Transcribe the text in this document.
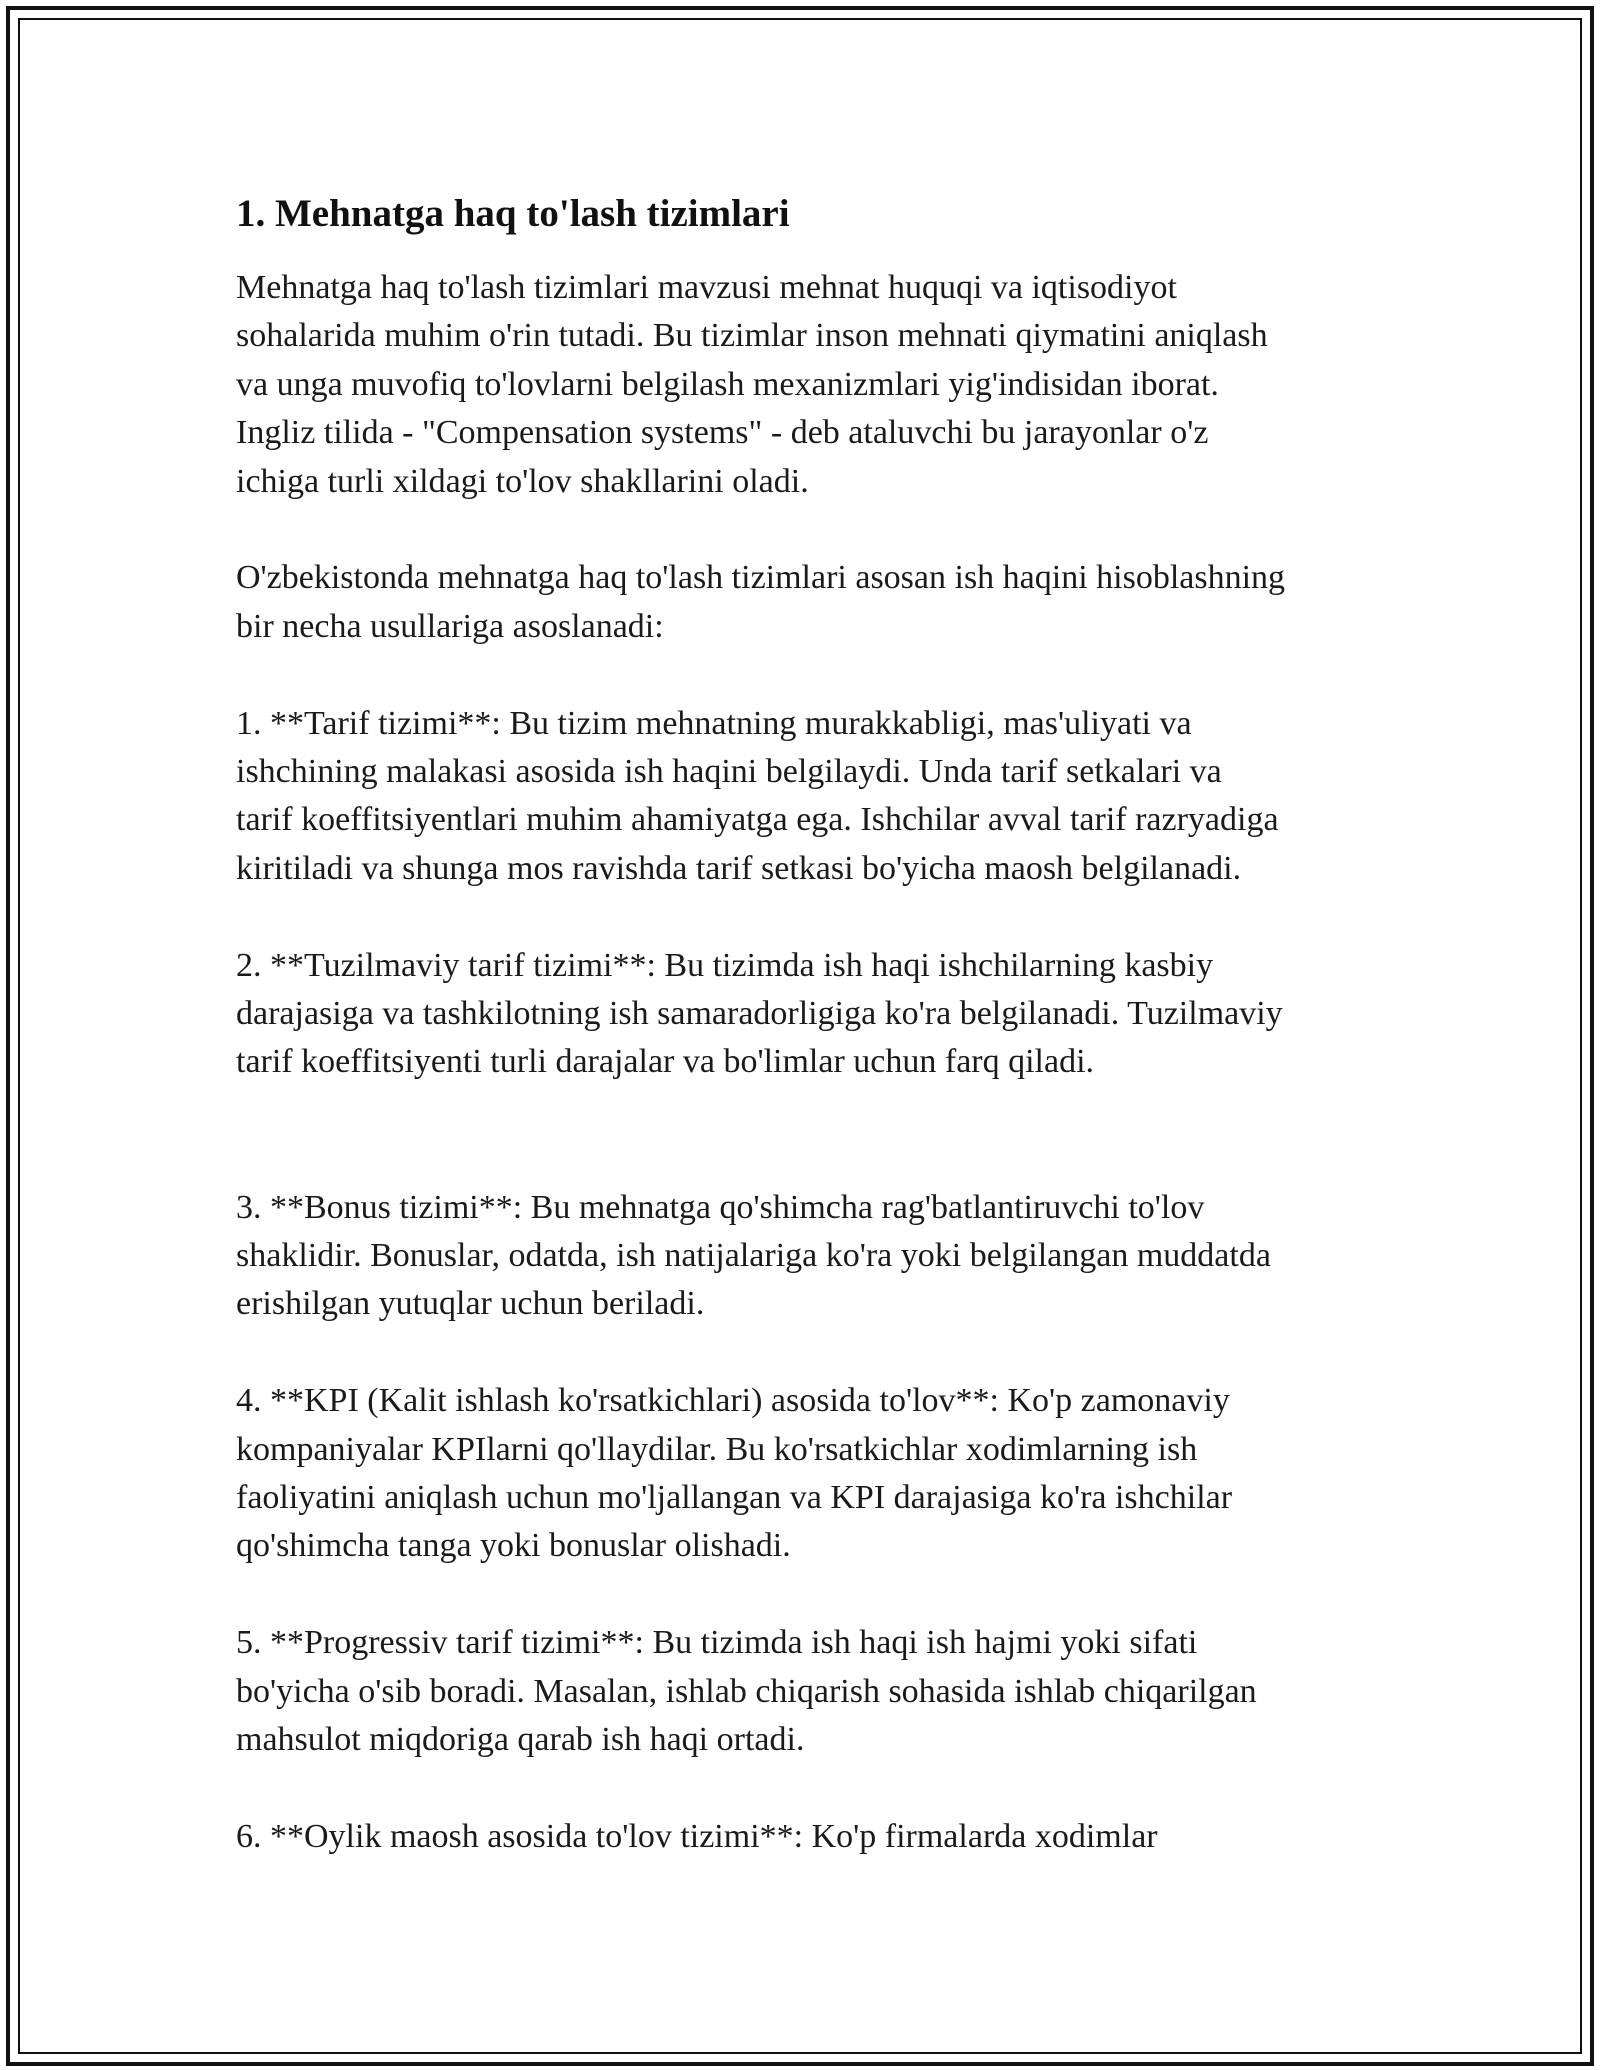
1. Mehnatga haq to'lash tizimlari

Mehnatga haq to'lash tizimlari mavzusi mehnat huquqi va iqtisodiyot
sohalarida muhim o'rin tutadi. Bu tizimlar inson mehnati qiymatini aniqlash
va unga muvofiq to'lovlarni belgilash mexanizmlari yig'indisidan iborat.
Ingliz tilida - "Compensation systems" - deb ataluvchi bu jarayonlar o'z
ichiga turli xildagi to'lov shakllarini oladi.

O'zbekistonda mehnatga haq to'lash tizimlari asosan ish haqini hisoblashning
bir necha usullariga asoslanadi:

1. **Tarif tizimi**: Bu tizim mehnatning murakkabligi, mas'uliyati va
ishchining malakasi asosida ish haqini belgilaydi. Unda tarif setkalari va
tarif koeffitsiyentlari muhim ahamiyatga ega. Ishchilar avval tarif razryadiga
kiritiladi va shunga mos ravishda tarif setkasi bo'yicha maosh belgilanadi.

2. **Tuzilmaviy tarif tizimi**: Bu tizimda ish haqi ishchilarning kasbiy
darajasiga va tashkilotning ish samaradorligiga ko'ra belgilanadi. Tuzilmaviy
tarif koeffitsiyenti turli darajalar va bo'limlar uchun farq qiladi.

3. **Bonus tizimi**: Bu mehnatga qo'shimcha rag'batlantiruvchi to'lov
shaklidir. Bonuslar, odatda, ish natijalariga ko'ra yoki belgilangan muddatda
erishilgan yutuqlar uchun beriladi.

4. **KPI (Kalit ishlash ko'rsatkichlari) asosida to'lov**: Ko'p zamonaviy
kompaniyalar KPIlarni qo'llaydilar. Bu ko'rsatkichlar xodimlarning ish
faoliyatini aniqlash uchun mo'ljallangan va KPI darajasiga ko'ra ishchilar
qo'shimcha tanga yoki bonuslar olishadi.

5. **Progressiv tarif tizimi**: Bu tizimda ish haqi ish hajmi yoki sifati
bo'yicha o'sib boradi. Masalan, ishlab chiqarish sohasida ishlab chiqarilgan
mahsulot miqdoriga qarab ish haqi ortadi.

6. **Oylik maosh asosida to'lov tizimi**: Ko'p firmalarda xodimlar
